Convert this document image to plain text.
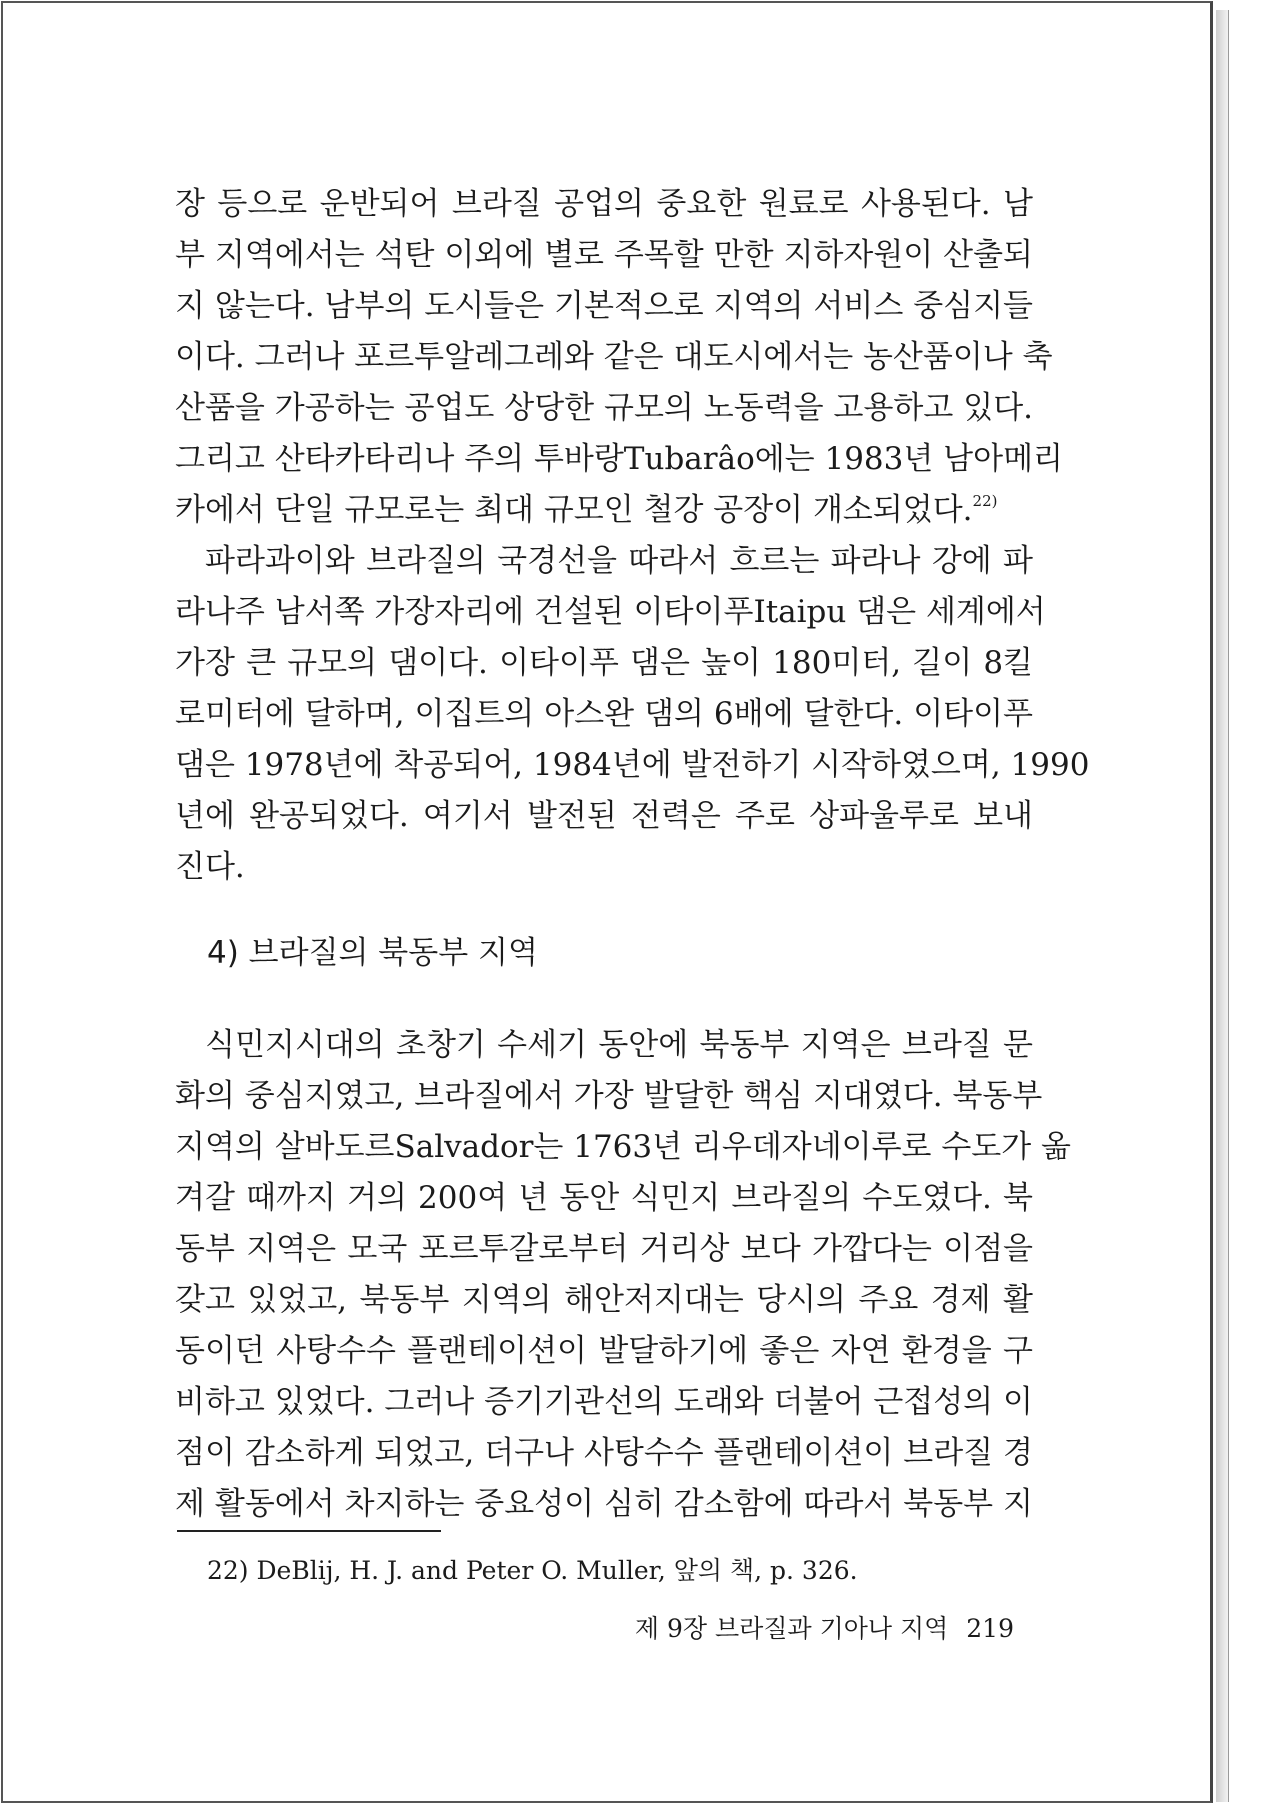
장 등으로 운반되어 브라질 공업의 중요한 원료로 사용된다. 남
부 지역에서는 석탄 이외에 별로 주목할 만한 지하자원이 산출되
지 않는다. 남부의 도시들은 기본적으로 지역의 서비스 중심지들
이다. 그러나 포르투알레그레와 같은 대도시에서는 농산품이나 축
산품을 가공하는 공업도 상당한 규모의 노동력을 고용하고 있다.
그리고 산타카타리나 주의 투바랑Tubarâo에는 1983년 남아메리
카에서 단일 규모로는 최대 규모인 철강 공장이 개소되었다.$^{22)}$
파라과이와 브라질의 국경선을 따라서 흐르는 파라나 강에 파
라나주 남서쪽 가장자리에 건설된 이타이푸Itaipu 댐은 세계에서
가장 큰 규모의 댐이다. 이타이푸 댐은 높이 180미터, 길이 8킬
로미터에 달하며, 이집트의 아스완 댐의 6배에 달한다. 이타이푸
댐은 1978년에 착공되어, 1984년에 발전하기 시작하였으며, 1990
년에 완공되었다. 여기서 발전된 전력은 주로 상파울루로 보내
진다.
4) 브라질의 북동부 지역
식민지시대의 초창기 수세기 동안에 북동부 지역은 브라질 문
화의 중심지였고, 브라질에서 가장 발달한 핵심 지대였다. 북동부
지역의 살바도르Salvador는 1763년 리우데자네이루로 수도가 옮
겨갈 때까지 거의 200여 년 동안 식민지 브라질의 수도였다. 북
동부 지역은 모국 포르투갈로부터 거리상 보다 가깝다는 이점을
갖고 있었고, 북동부 지역의 해안저지대는 당시의 주요 경제 활
동이던 사탕수수 플랜테이션이 발달하기에 좋은 자연 환경을 구
비하고 있었다. 그러나 증기기관선의 도래와 더불어 근접성의 이
점이 감소하게 되었고, 더구나 사탕수수 플랜테이션이 브라질 경
제 활동에서 차지하는 중요성이 심히 감소함에 따라서 북동부 지
22) DeBlij, H. J. and Peter O. Muller, 앞의 책, p. 326.
제 9장 브라질과 기아나 지역 219
